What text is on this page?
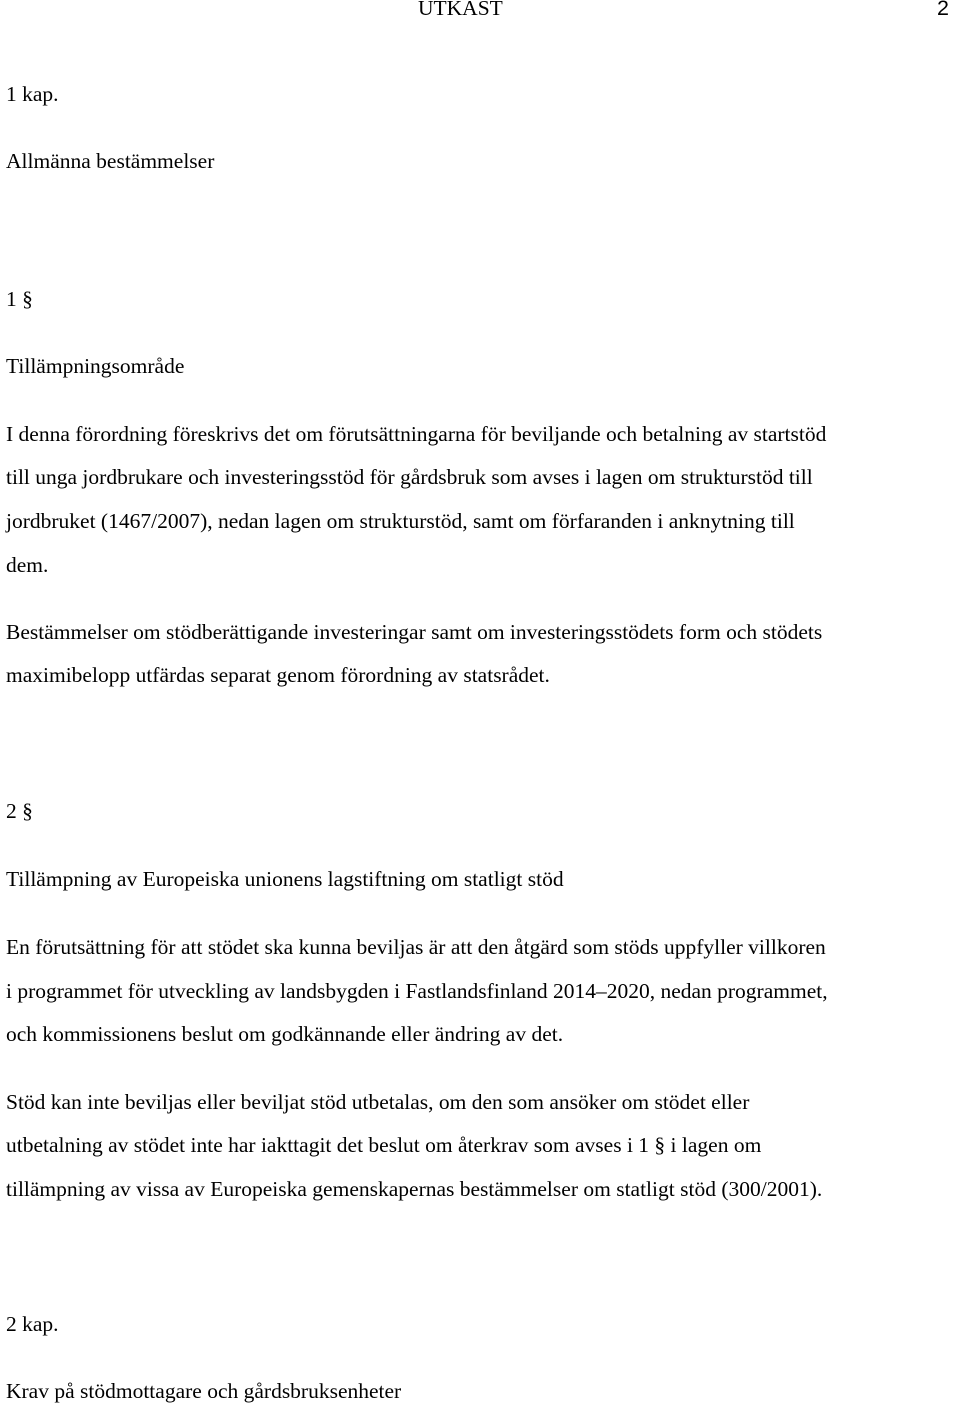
UTKAST	2
1 kap.
Allmänna bestämmelser
1 §
Tillämpningsområde
I denna förordning föreskrivs det om förutsättningarna för beviljande och betalning av startstöd
till unga jordbrukare och investeringsstöd för gårdsbruk som avses i lagen om strukturstöd till
jordbruket (1467/2007), nedan lagen om strukturstöd, samt om förfaranden i anknytning till
dem.
Bestämmelser om stödberättigande investeringar samt om investeringsstödets form och stödets
maximibelopp utfärdas separat genom förordning av statsrådet.
2 §
Tillämpning av Europeiska unionens lagstiftning om statligt stöd
En förutsättning för att stödet ska kunna beviljas är att den åtgärd som stöds uppfyller villkoren
i programmet för utveckling av landsbygden i Fastlandsfinland 2014–2020, nedan programmet,
och kommissionens beslut om godkännande eller ändring av det.
Stöd kan inte beviljas eller beviljat stöd utbetalas, om den som ansöker om stödet eller
utbetalning av stödet inte har iakttagit det beslut om återkrav som avses i 1 § i lagen om
tillämpning av vissa av Europeiska gemenskapernas bestämmelser om statligt stöd (300/2001).
2 kap.
Krav på stödmottagare och gårdsbruksenheter
